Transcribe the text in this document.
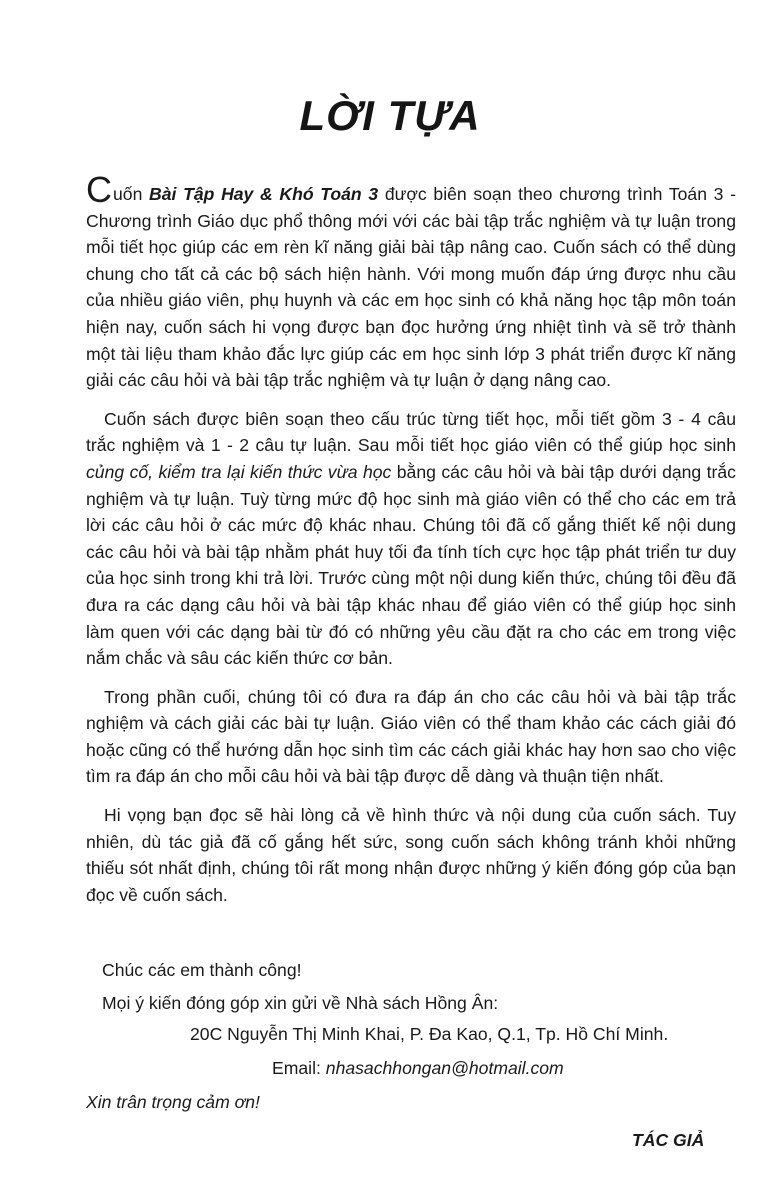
LỜI TỰA

Cuốn Bài Tập Hay & Khó Toán 3 được biên soạn theo chương trình Toán 3 - Chương trình Giáo dục phổ thông mới với các bài tập trắc nghiệm và tự luận trong mỗi tiết học giúp các em rèn kĩ năng giải bài tập nâng cao. Cuốn sách có thể dùng chung cho tất cả các bộ sách hiện hành. Với mong muốn đáp ứng được nhu cầu của nhiều giáo viên, phụ huynh và các em học sinh có khả năng học tập môn toán hiện nay, cuốn sách hi vọng được bạn đọc hưởng ứng nhiệt tình và sẽ trở thành một tài liệu tham khảo đắc lực giúp các em học sinh lớp 3 phát triển được kĩ năng giải các câu hỏi và bài tập trắc nghiệm và tự luận ở dạng nâng cao.

Cuốn sách được biên soạn theo cấu trúc từng tiết học, mỗi tiết gồm 3 - 4 câu trắc nghiệm và 1 - 2 câu tự luận. Sau mỗi tiết học giáo viên có thể giúp học sinh củng cố, kiểm tra lại kiến thức vừa học bằng các câu hỏi và bài tập dưới dạng trắc nghiệm và tự luận. Tuỳ từng mức độ học sinh mà giáo viên có thể cho các em trả lời các câu hỏi ở các mức độ khác nhau. Chúng tôi đã cố gắng thiết kế nội dung các câu hỏi và bài tập nhằm phát huy tối đa tính tích cực học tập phát triển tư duy của học sinh trong khi trả lời. Trước cùng một nội dung kiến thức, chúng tôi đều đã đưa ra các dạng câu hỏi và bài tập khác nhau để giáo viên có thể giúp học sinh làm quen với các dạng bài từ đó có những yêu cầu đặt ra cho các em trong việc nắm chắc và sâu các kiến thức cơ bản.

Trong phần cuối, chúng tôi có đưa ra đáp án cho các câu hỏi và bài tập trắc nghiệm và cách giải các bài tự luận. Giáo viên có thể tham khảo các cách giải đó hoặc cũng có thể hướng dẫn học sinh tìm các cách giải khác hay hơn sao cho việc tìm ra đáp án cho mỗi câu hỏi và bài tập được dễ dàng và thuận tiện nhất.

Hi vọng bạn đọc sẽ hài lòng cả về hình thức và nội dung của cuốn sách. Tuy nhiên, dù tác giả đã cố gắng hết sức, song cuốn sách không tránh khỏi những thiếu sót nhất định, chúng tôi rất mong nhận được những ý kiến đóng góp của bạn đọc về cuốn sách.

Chúc các em thành công!
Mọi ý kiến đóng góp xin gửi về Nhà sách Hồng Ân:
20C Nguyễn Thị Minh Khai, P. Đa Kao, Q.1, Tp. Hồ Chí Minh.
Email: nhasachhongan@hotmail.com
Xin trân trọng cảm ơn!
TÁC GIẢ
